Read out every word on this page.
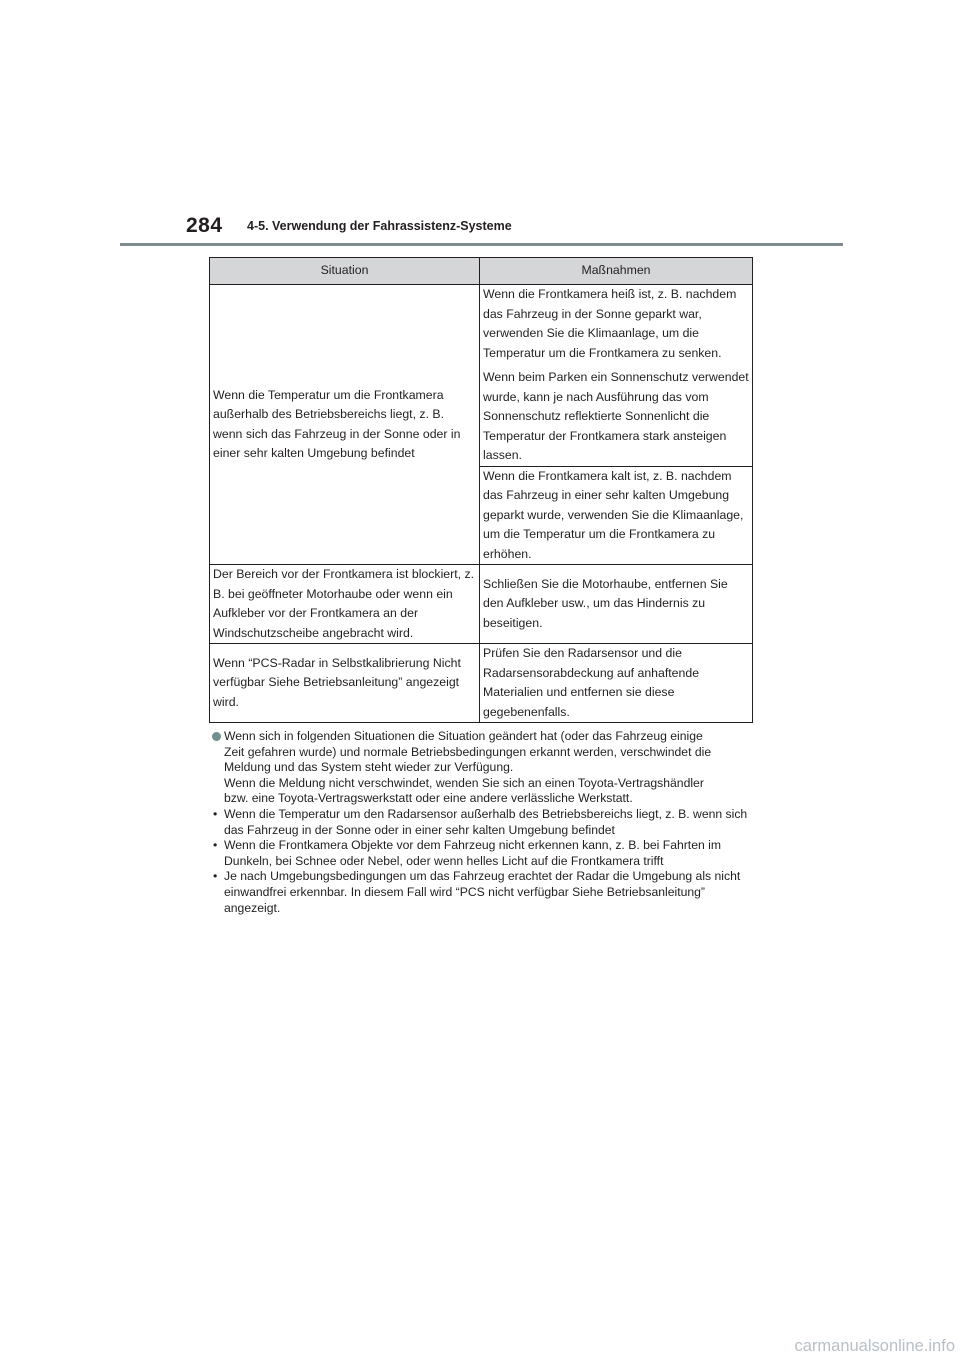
284 4-5. Verwendung der Fahrassistenz-Systeme
Situation	Maßnahmen
Wenn die Temperatur um die Frontkamera außerhalb des Betriebsbereichs liegt, z. B. wenn sich das Fahrzeug in der Sonne oder in einer sehr kalten Umgebung befindet	Wenn die Frontkamera heiß ist, z. B. nachdem das Fahrzeug in der Sonne geparkt war, verwenden Sie die Klimaanlage, um die Temperatur um die Frontkamera zu senken.
Wenn beim Parken ein Sonnenschutz verwendet wurde, kann je nach Ausführung das vom Sonnenschutz reflektierte Sonnenlicht die Temperatur der Frontkamera stark ansteigen lassen.

	Wenn die Frontkamera kalt ist, z. B. nachdem das Fahrzeug in einer sehr kalten Umgebung geparkt wurde, verwenden Sie die Klimaanlage, um die Temperatur um die Frontkamera zu erhöhen.

Der Bereich vor der Frontkamera ist blockiert, z. B. bei geöffneter Motorhaube oder wenn ein Aufkleber vor der Frontkamera an der Windschutzscheibe angebracht wird.	Schließen Sie die Motorhaube, entfernen Sie den Aufkleber usw., um das Hindernis zu beseitigen.
Wenn “PCS-Radar in Selbstkalibrierung Nicht verfügbar Siehe Betriebsanleitung” angezeigt wird.	Prüfen Sie den Radarsensor und die Radarsensorabdeckung auf anhaftende Materialien und entfernen sie diese gegebenenfalls.
Wenn sich in folgenden Situationen die Situation geändert hat (oder das Fahrzeug einige
Zeit gefahren wurde) und normale Betriebsbedingungen erkannt werden, verschwindet die
Meldung und das System steht wieder zur Verfügung.
Wenn die Meldung nicht verschwindet, wenden Sie sich an einen Toyota-Vertragshändler
bzw. eine Toyota-Vertragswerkstatt oder eine andere verlässliche Werkstatt.
• Wenn die Temperatur um den Radarsensor außerhalb des Betriebsbereichs liegt, z. B. wenn sich das Fahrzeug in der Sonne oder in einer sehr kalten Umgebung befindet
• Wenn die Frontkamera Objekte vor dem Fahrzeug nicht erkennen kann, z. B. bei Fahrten im Dunkeln, bei Schnee oder Nebel, oder wenn helles Licht auf die Frontkamera trifft
• Je nach Umgebungsbedingungen um das Fahrzeug erachtet der Radar die Umgebung als nicht einwandfrei erkennbar. In diesem Fall wird “PCS nicht verfügbar Siehe Betriebsanleitung” angezeigt.
carmanualsonline.info
